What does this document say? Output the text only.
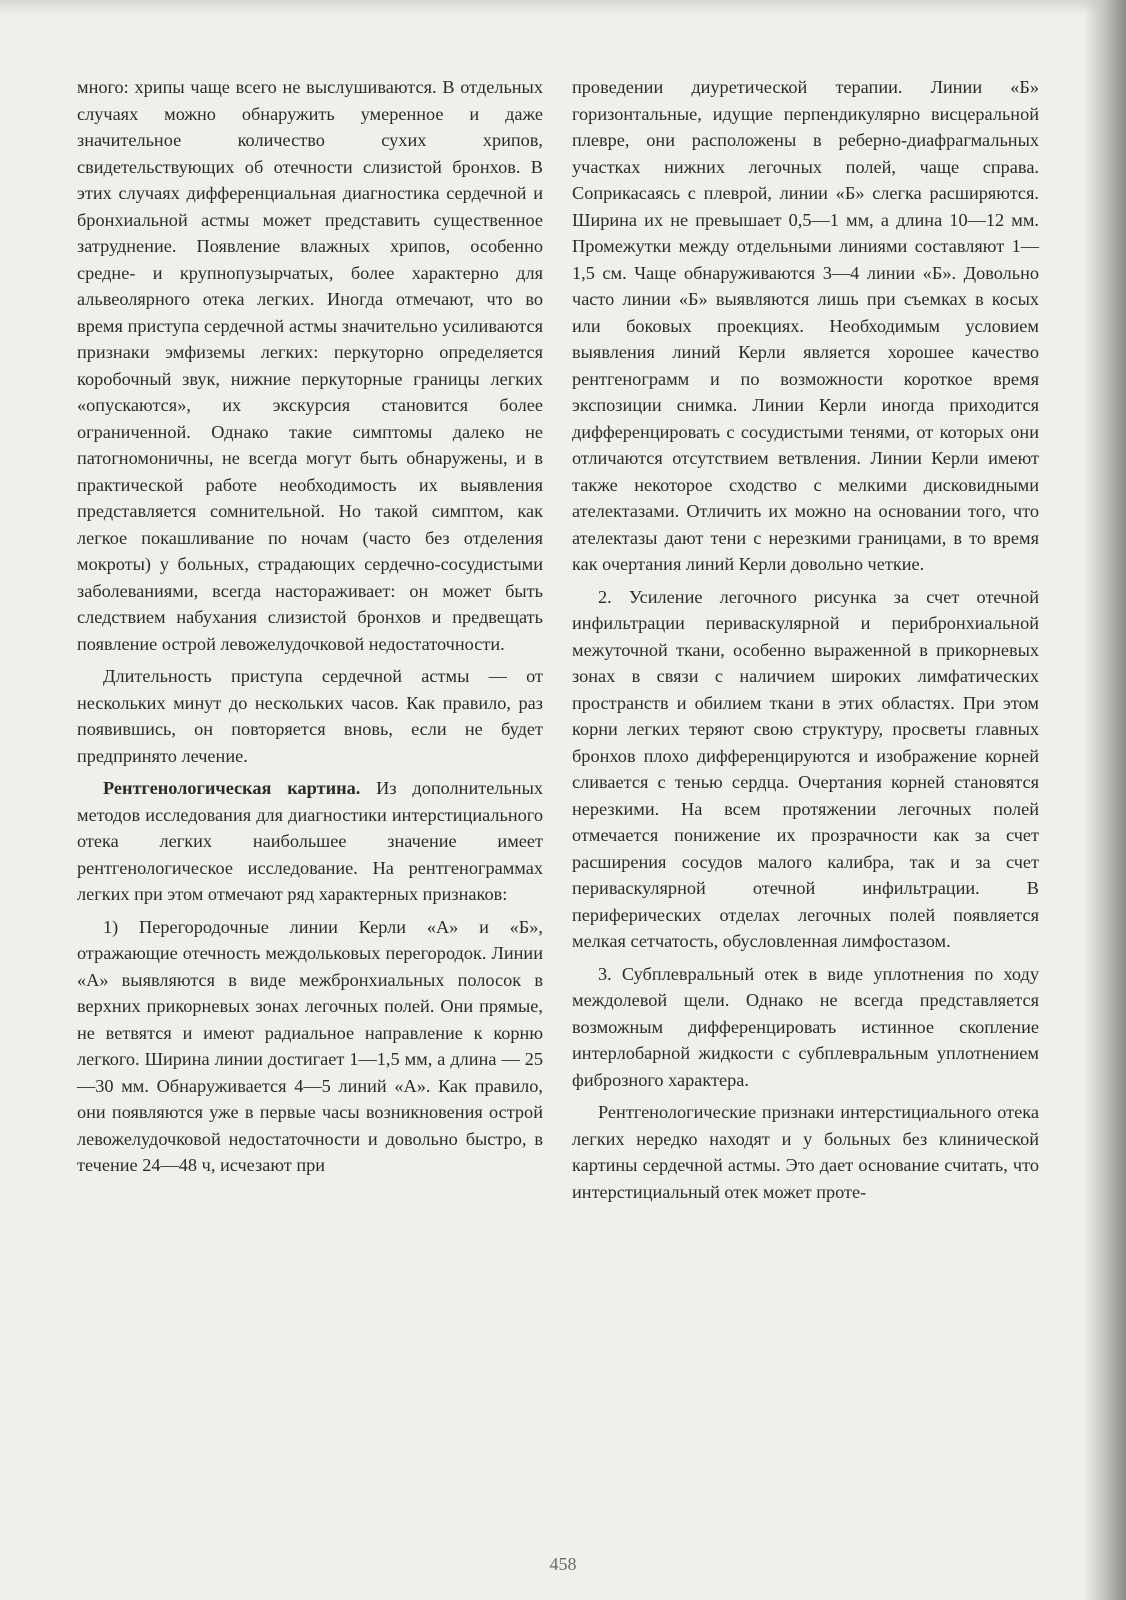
много: хрипы чаще всего не выслушиваются. В отдельных случаях можно обнаружить умеренное и даже значительное количество сухих хрипов, свидетельствующих об отечности слизистой бронхов. В этих случаях дифференциальная диагностика сердечной и бронхиальной астмы может представить существенное затруднение. Появление влажных хрипов, особенно средне- и крупнопузырчатых, более характерно для альвеолярного отека легких. Иногда отмечают, что во время приступа сердечной астмы значительно усиливаются признаки эмфиземы легких: перкуторно определяется коробочный звук, нижние перкуторные границы легких «опускаются», их экскурсия становится более ограниченной. Однако такие симптомы далеко не патогномоничны, не всегда могут быть обнаружены, и в практической работе необходимость их выявления представляется сомнительной. Но такой симптом, как легкое покашливание по ночам (часто без отделения мокроты) у больных, страдающих сердечно-сосудистыми заболеваниями, всегда настораживает: он может быть следствием набухания слизистой бронхов и предвещать появление острой левожелудочковой недостаточности.

Длительность приступа сердечной астмы — от нескольких минут до нескольких часов. Как правило, раз появившись, он повторяется вновь, если не будет предпринято лечение.

Рентгенологическая картина. Из дополнительных методов исследования для диагностики интерстициального отека легких наибольшее значение имеет рентгенологическое исследование. На рентгенограммах легких при этом отмечают ряд характерных признаков:

1) Перегородочные линии Керли «А» и «Б», отражающие отечность междольковых перегородок. Линии «А» выявляются в виде межбронхиальных полосок в верхних прикорневых зонах легочных полей. Они прямые, не ветвятся и имеют радиальное направление к корню легкого. Ширина линии достигает 1—1,5 мм, а длина — 25—30 мм. Обнаруживается 4—5 линий «А». Как правило, они появляются уже в первые часы возникновения острой левожелудочковой недостаточности и довольно быстро, в течение 24—48 ч, исчезают при

проведении диуретической терапии. Линии «Б» горизонтальные, идущие перпендикулярно висцеральной плевре, они расположены в реберно-диафрагмальных участках нижних легочных полей, чаще справа. Соприкасаясь с плеврой, линии «Б» слегка расширяются. Ширина их не превышает 0,5—1 мм, а длина 10—12 мм. Промежутки между отдельными линиями составляют 1—1,5 см. Чаще обнаруживаются 3—4 линии «Б». Довольно часто линии «Б» выявляются лишь при съемках в косых или боковых проекциях. Необходимым условием выявления линий Керли является хорошее качество рентгенограмм и по возможности короткое время экспозиции снимка. Линии Керли иногда приходится дифференцировать с сосудистыми тенями, от которых они отличаются отсутствием ветвления. Линии Керли имеют также некоторое сходство с мелкими дисковидными ателектазами. Отличить их можно на основании того, что ателектазы дают тени с нерезкими границами, в то время как очертания линий Керли довольно четкие.

2. Усиление легочного рисунка за счет отечной инфильтрации периваскулярной и перибронхиальной межуточной ткани, особенно выраженной в прикорневых зонах в связи с наличием широких лимфатических пространств и обилием ткани в этих областях. При этом корни легких теряют свою структуру, просветы главных бронхов плохо дифференцируются и изображение корней сливается с тенью сердца. Очертания корней становятся нерезкими. На всем протяжении легочных полей отмечается понижение их прозрачности как за счет расширения сосудов малого калибра, так и за счет периваскулярной отечной инфильтрации. В периферических отделах легочных полей появляется мелкая сетчатость, обусловленная лимфостазом.

3. Субплевральный отек в виде уплотнения по ходу междолевой щели. Однако не всегда представляется возможным дифференцировать истинное скопление интерлобарной жидкости с субплевральным уплотнением фиброзного характера.

Рентгенологические признаки интерстициального отека легких нередко находят и у больных без клинической картины сердечной астмы. Это дает основание считать, что интерстициальный отек может проте-

458
